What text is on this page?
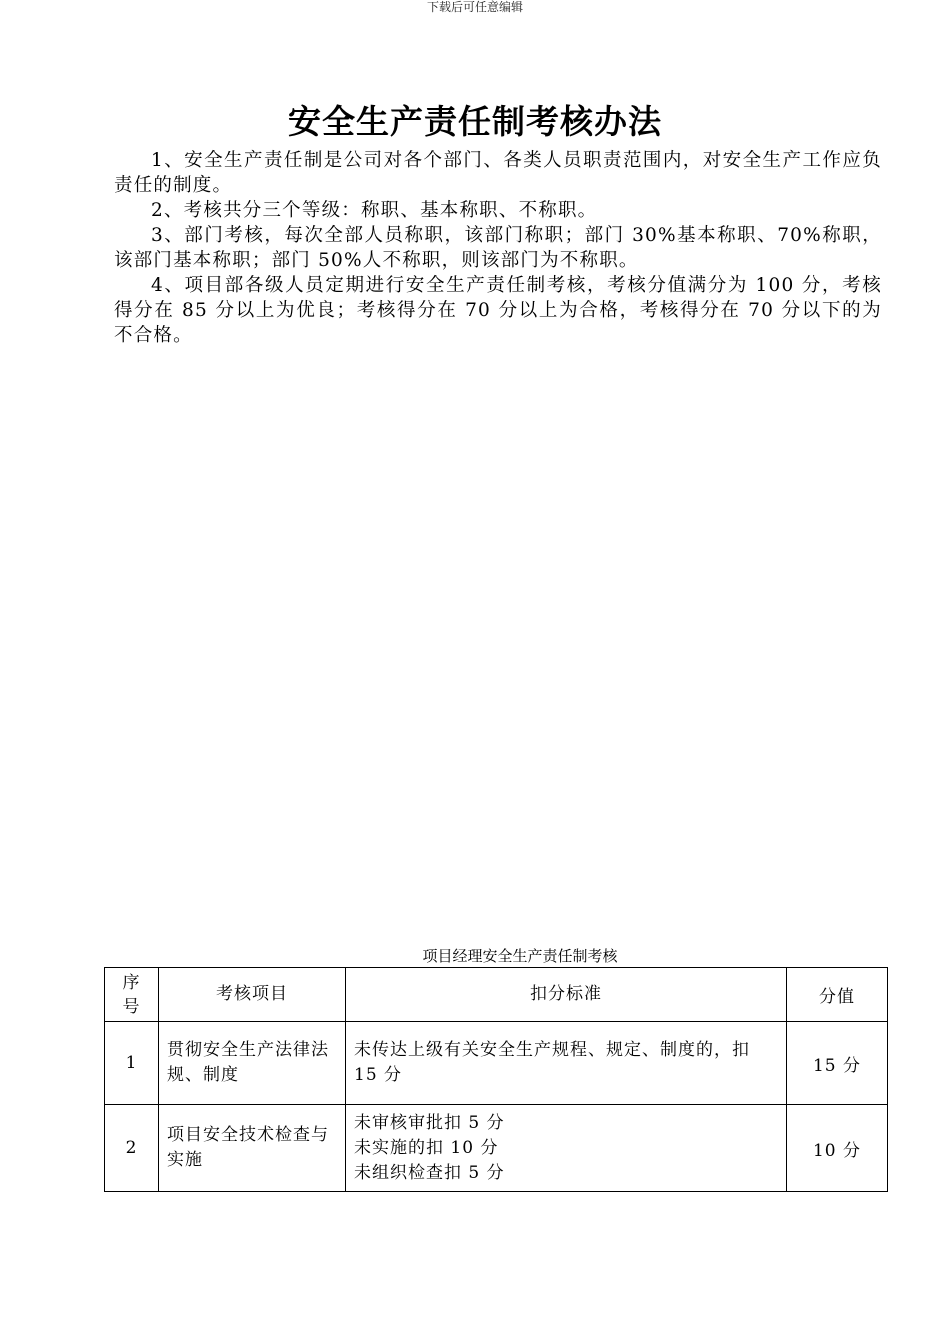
下载后可任意编辑
安全生产责任制考核办法

1、安全生产责任制是公司对各个部门、各类人员职责范围内，对安全生产工作应负责任的制度。

2、考核共分三个等级：称职、基本称职、不称职。

3、部门考核，每次全部人员称职，该部门称职；部门 30%基本称职、70%称职，该部门基本称职；部门 50%人不称职，则该部门为不称职。

4、项目部各级人员定期进行安全生产责任制考核，考核分值满分为 100 分，考核得分在 85 分以上为优良；考核得分在 70 分以上为合格，考核得分在 70 分以下的为不合格。

项目经理安全生产责任制考核
序号	考核项目	扣分标准	分值
1	贯彻安全生产法律法规、制度	未传达上级有关安全生产规程、规定、制度的，扣 15 分	15 分
2	项目安全技术检查与实施	未审核审批扣 5 分
未实施的扣 10 分
未组织检查扣 5 分	10 分
